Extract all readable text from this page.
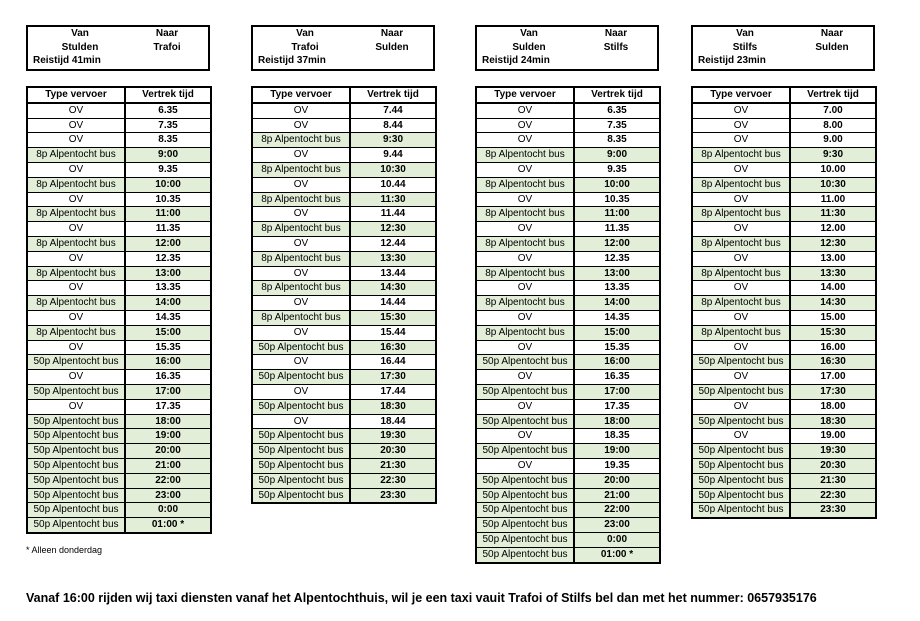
Van	Naar
Stulden	Trafoi
Reistijd 41min
Type vervoer	Vertrek tijd
OV	6.35
OV	7.35
OV	8.35
8p Alpentocht bus	9:00
OV	9.35
8p Alpentocht bus	10:00
OV	10.35
8p Alpentocht bus	11:00
OV	11.35
8p Alpentocht bus	12:00
OV	12.35
8p Alpentocht bus	13:00
OV	13.35
8p Alpentocht bus	14:00
OV	14.35
8p Alpentocht bus	15:00
OV	15.35
50p Alpentocht bus	16:00
OV	16.35
50p Alpentocht bus	17:00
OV	17.35
50p Alpentocht bus	18:00
50p Alpentocht bus	19:00
50p Alpentocht bus	20:00
50p Alpentocht bus	21:00
50p Alpentocht bus	22:00
50p Alpentocht bus	23:00
50p Alpentocht bus	0:00
50p Alpentocht bus	01:00 *
Van	Naar
Trafoi	Sulden
Reistijd 37min
Type vervoer	Vertrek tijd
OV	7.44
OV	8.44
8p Alpentocht bus	9:30
OV	9.44
8p Alpentocht bus	10:30
OV	10.44
8p Alpentocht bus	11:30
OV	11.44
8p Alpentocht bus	12:30
OV	12.44
8p Alpentocht bus	13:30
OV	13.44
8p Alpentocht bus	14:30
OV	14.44
8p Alpentocht bus	15:30
OV	15.44
50p Alpentocht bus	16:30
OV	16.44
50p Alpentocht bus	17:30
OV	17.44
50p Alpentocht bus	18:30
OV	18.44
50p Alpentocht bus	19:30
50p Alpentocht bus	20:30
50p Alpentocht bus	21:30
50p Alpentocht bus	22:30
50p Alpentocht bus	23:30
Van	Naar
Sulden	Stilfs
Reistijd 24min
Type vervoer	Vertrek tijd
OV	6.35
OV	7.35
OV	8.35
8p Alpentocht bus	9:00
OV	9.35
8p Alpentocht bus	10:00
OV	10.35
8p Alpentocht bus	11:00
OV	11.35
8p Alpentocht bus	12:00
OV	12.35
8p Alpentocht bus	13:00
OV	13.35
8p Alpentocht bus	14:00
OV	14.35
8p Alpentocht bus	15:00
OV	15.35
50p Alpentocht bus	16:00
OV	16.35
50p Alpentocht bus	17:00
OV	17.35
50p Alpentocht bus	18:00
OV	18.35
50p Alpentocht bus	19:00
OV	19.35
50p Alpentocht bus	20:00
50p Alpentocht bus	21:00
50p Alpentocht bus	22:00
50p Alpentocht bus	23:00
50p Alpentocht bus	0:00
50p Alpentocht bus	01:00 *
Van	Naar
Stilfs	Sulden
Reistijd 23min
Type vervoer	Vertrek tijd
OV	7.00
OV	8.00
OV	9.00
8p Alpentocht bus	9:30
OV	10.00
8p Alpentocht bus	10:30
OV	11.00
8p Alpentocht bus	11:30
OV	12.00
8p Alpentocht bus	12:30
OV	13.00
8p Alpentocht bus	13:30
OV	14.00
8p Alpentocht bus	14:30
OV	15.00
8p Alpentocht bus	15:30
OV	16.00
50p Alpentocht bus	16:30
OV	17.00
50p Alpentocht bus	17:30
OV	18.00
50p Alpentocht bus	18:30
OV	19.00
50p Alpentocht bus	19:30
50p Alpentocht bus	20:30
50p Alpentocht bus	21:30
50p Alpentocht bus	22:30
50p Alpentocht bus	23:30
* Alleen donderdag
Vanaf 16:00 rijden wij taxi diensten vanaf het Alpentochthuis, wil je een taxi vauit Trafoi of Stilfs bel dan met het nummer: 0657935176
